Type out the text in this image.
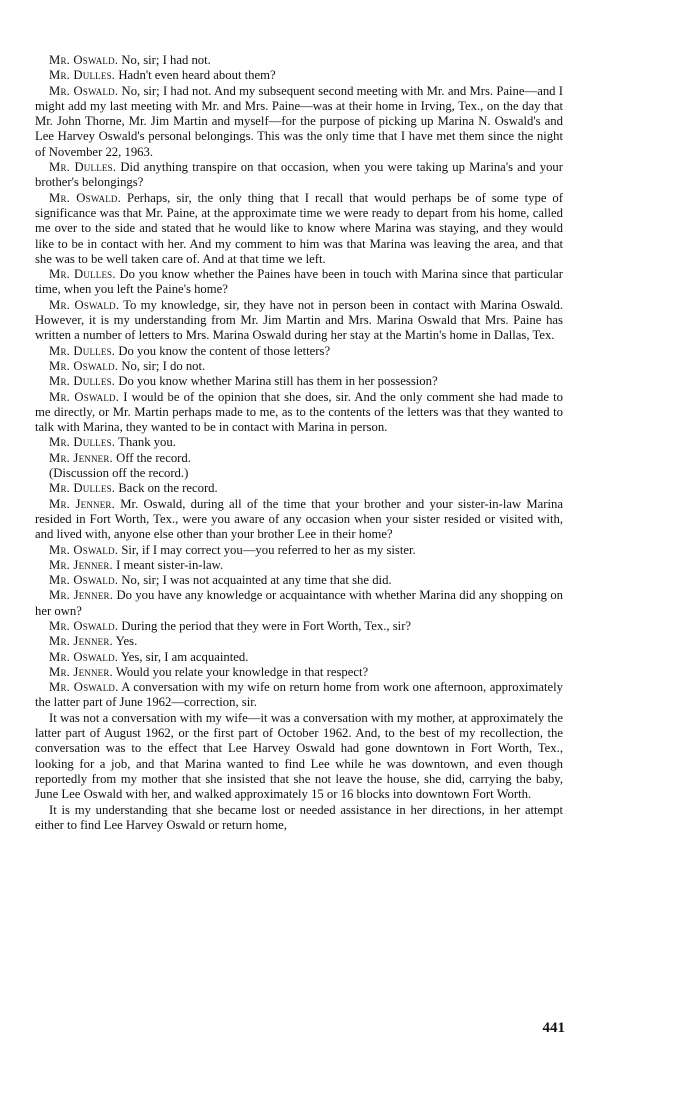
Mr. Oswald. No, sir; I had not.

Mr. Dulles. Hadn't even heard about them?

Mr. Oswald. No, sir; I had not. And my subsequent second meeting with Mr. and Mrs. Paine—and I might add my last meeting with Mr. and Mrs. Paine—was at their home in Irving, Tex., on the day that Mr. John Thorne, Mr. Jim Martin and myself—for the purpose of picking up Marina N. Oswald's and Lee Harvey Oswald's personal belongings. This was the only time that I have met them since the night of November 22, 1963.

Mr. Dulles. Did anything transpire on that occasion, when you were taking up Marina's and your brother's belongings?

Mr. Oswald. Perhaps, sir, the only thing that I recall that would perhaps be of some type of significance was that Mr. Paine, at the approximate time we were ready to depart from his home, called me over to the side and stated that he would like to know where Marina was staying, and they would like to be in contact with her. And my comment to him was that Marina was leaving the area, and that she was to be well taken care of. And at that time we left.

Mr. Dulles. Do you know whether the Paines have been in touch with Marina since that particular time, when you left the Paine's home?

Mr. Oswald. To my knowledge, sir, they have not in person been in contact with Marina Oswald. However, it is my understanding from Mr. Jim Martin and Mrs. Marina Oswald that Mrs. Paine has written a number of letters to Mrs. Marina Oswald during her stay at the Martin's home in Dallas, Tex.

Mr. Dulles. Do you know the content of those letters?

Mr. Oswald. No, sir; I do not.

Mr. Dulles. Do you know whether Marina still has them in her possession?

Mr. Oswald. I would be of the opinion that she does, sir. And the only comment she had made to me directly, or Mr. Martin perhaps made to me, as to the contents of the letters was that they wanted to talk with Marina, they wanted to be in contact with Marina in person.

Mr. Dulles. Thank you.

Mr. Jenner. Off the record.

(Discussion off the record.)

Mr. Dulles. Back on the record.

Mr. Jenner. Mr. Oswald, during all of the time that your brother and your sister-in-law Marina resided in Fort Worth, Tex., were you aware of any occasion when your sister resided or visited with, and lived with, anyone else other than your brother Lee in their home?

Mr. Oswald. Sir, if I may correct you—you referred to her as my sister.

Mr. Jenner. I meant sister-in-law.

Mr. Oswald. No, sir; I was not acquainted at any time that she did.

Mr. Jenner. Do you have any knowledge or acquaintance with whether Marina did any shopping on her own?

Mr. Oswald. During the period that they were in Fort Worth, Tex., sir?

Mr. Jenner. Yes.

Mr. Oswald. Yes, sir, I am acquainted.

Mr. Jenner. Would you relate your knowledge in that respect?

Mr. Oswald. A conversation with my wife on return home from work one afternoon, approximately the latter part of June 1962—correction, sir.

It was not a conversation with my wife—it was a conversation with my mother, at approximately the latter part of August 1962, or the first part of October 1962. And, to the best of my recollection, the conversation was to the effect that Lee Harvey Oswald had gone downtown in Fort Worth, Tex., looking for a job, and that Marina wanted to find Lee while he was downtown, and even though reportedly from my mother that she insisted that she not leave the house, she did, carrying the baby, June Lee Oswald with her, and walked approximately 15 or 16 blocks into downtown Fort Worth.

It is my understanding that she became lost or needed assistance in her directions, in her attempt either to find Lee Harvey Oswald or return home,

441
